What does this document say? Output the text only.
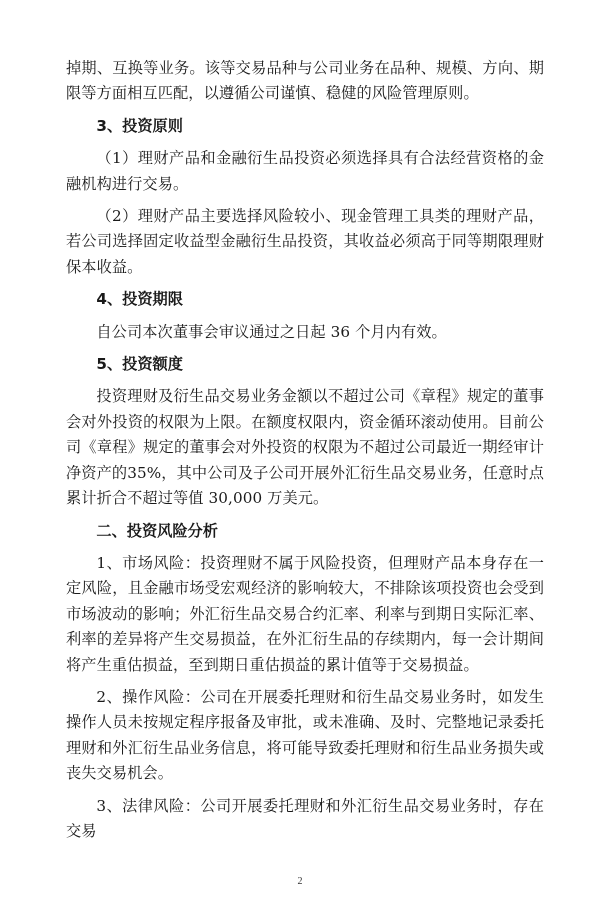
掉期、互换等业务。该等交易品种与公司业务在品种、规模、方向、期限等方面相互匹配，以遵循公司谨慎、稳健的风险管理原则。

3、投资原则

（1）理财产品和金融衍生品投资必须选择具有合法经营资格的金融机构进行交易。

（2）理财产品主要选择风险较小、现金管理工具类的理财产品，若公司选择固定收益型金融衍生品投资，其收益必须高于同等期限理财保本收益。

4、投资期限

自公司本次董事会审议通过之日起 36 个月内有效。

5、投资额度

投资理财及衍生品交易业务金额以不超过公司《章程》规定的董事会对外投资的权限为上限。在额度权限内，资金循环滚动使用。目前公司《章程》规定的董事会对外投资的权限为不超过公司最近一期经审计净资产的35%，其中公司及子公司开展外汇衍生品交易业务，任意时点累计折合不超过等值 30,000 万美元。

二、投资风险分析

1、市场风险：投资理财不属于风险投资，但理财产品本身存在一定风险，且金融市场受宏观经济的影响较大，不排除该项投资也会受到市场波动的影响；外汇衍生品交易合约汇率、利率与到期日实际汇率、利率的差异将产生交易损益，在外汇衍生品的存续期内，每一会计期间将产生重估损益，至到期日重估损益的累计值等于交易损益。

2、操作风险：公司在开展委托理财和衍生品交易业务时，如发生操作人员未按规定程序报备及审批，或未准确、及时、完整地记录委托理财和外汇衍生品业务信息，将可能导致委托理财和衍生品业务损失或丧失交易机会。

3、法律风险：公司开展委托理财和外汇衍生品交易业务时，存在交易

2
